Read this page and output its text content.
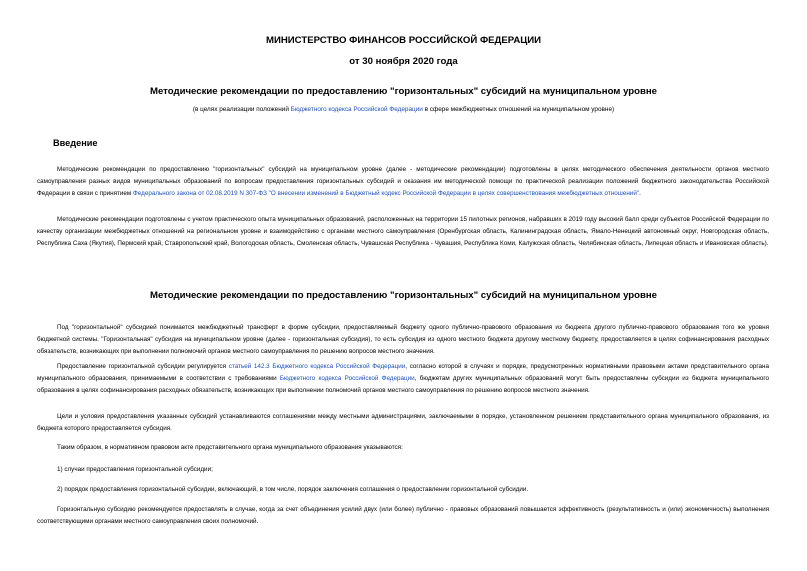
МИНИСТЕРСТВО ФИНАНСОВ РОССИЙСКОЙ ФЕДЕРАЦИИ
от 30 ноября 2020 года
Методические рекомендации по предоставлению "горизонтальных" субсидий на муниципальном уровне
(в целях реализации положений Бюджетного кодекса Российской Федерации в сфере межбюджетных отношений на муниципальном уровне)
Введение
Методические рекомендации по предоставлению "горизонтальных" субсидий на муниципальном уровне (далее - методические рекомендации) подготовлены в целях методического обеспечения деятельности органов местного самоуправления разных видов муниципальных образований по вопросам предоставления горизонтальных субсидий и оказания им методической помощи по практической реализации положений бюджетного законодательства Российской Федерации в связи с принятием Федерального закона от 02.08.2019 N 307-ФЗ "О внесении изменений в Бюджетный кодекс Российской Федерации в целях совершенствования межбюджетных отношений".
Методические рекомендации подготовлены с учетом практического опыта муниципальных образований, расположенных на территории 15 пилотных регионов, набравших в 2019 году высокий балл среди субъектов Российской Федерации по качеству организации межбюджетных отношений на региональном уровне и взаимодействию с органами местного самоуправления (Оренбургская область, Калининградская область, Ямало-Ненецкий автономный округ, Новгородская область, Республика Саха (Якутия), Пермский край, Ставропольский край, Вологодская область, Смоленская область, Чувашская Республика - Чувашия, Республика Коми, Калужская область, Челябинская область, Липецкая область и Ивановская область).
Методические рекомендации по предоставлению "горизонтальных" субсидий на муниципальном уровне
Под "горизонтальной" субсидией понимается межбюджетный трансферт в форме субсидии, предоставляемый бюджету одного публично-правового образования из бюджета другого публично-правового образования того же уровня бюджетной системы. "Горизонтальная" субсидия на муниципальном уровне (далее - горизонтальная субсидия), то есть субсидия из одного местного бюджета другому местному бюджету, предоставляется в целях софинансирования расходных обязательств, возникающих при выполнении полномочий органов местного самоуправления по решению вопросов местного значения.
Предоставление горизонтальной субсидии регулируется статьей 142.3 Бюджетного кодекса Российской Федерации, согласно которой в случаях и порядке, предусмотренных нормативными правовыми актами представительного органа муниципального образования, принимаемыми в соответствии с требованиями Бюджетного кодекса Российской Федерации, бюджетам других муниципальных образований могут быть предоставлены субсидии из бюджета муниципального образования в целях софинансирования расходных обязательств, возникающих при выполнении полномочий органов местного самоуправления по решению вопросов местного значения.
Цели и условия предоставления указанных субсидий устанавливаются соглашениями между местными администрациями, заключаемыми в порядке, установленном решением представительного органа муниципального образования, из бюджета которого предоставляется субсидия.
Таким образом, в нормативном правовом акте представительного органа муниципального образования указываются:
1) случаи предоставления горизонтальной субсидии;
2) порядок предоставления горизонтальной субсидии, включающий, в том числе, порядок заключения соглашения о предоставлении горизонтальной субсидии.
Горизонтальную субсидию рекомендуется предоставлять в случае, когда за счет объединения усилий двух (или более) публично - правовых образований повышается эффективность (результативность и (или) экономичность) выполнения соответствующими органами местного самоуправления своих полномочий.
